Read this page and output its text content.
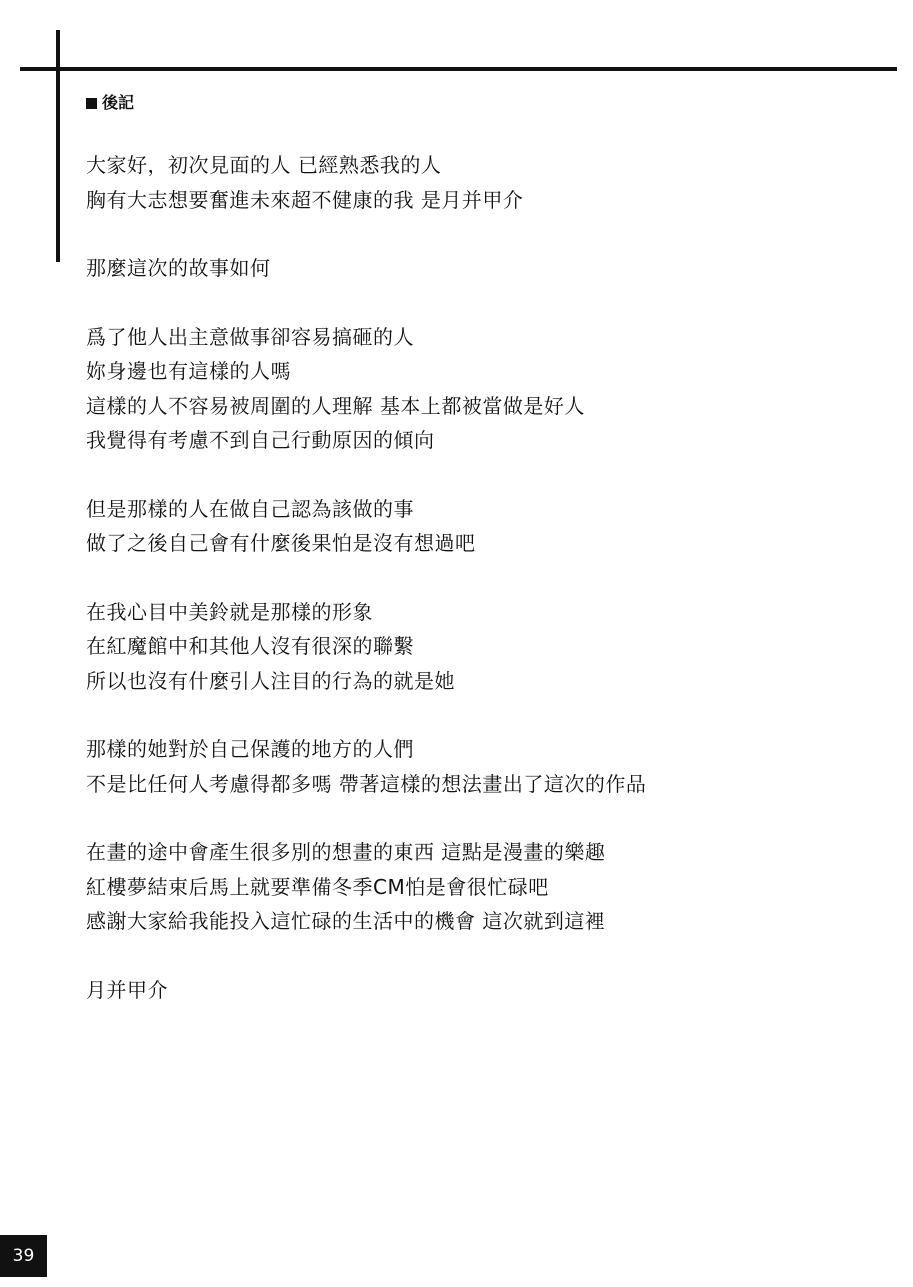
後記
大家好，初次見面的人 已經熟悉我的人
胸有大志想要奮進未來超不健康的我 是月并甲介
那麼這次的故事如何
爲了他人出主意做事卻容易搞砸的人
妳身邊也有這樣的人嗎
這樣的人不容易被周圍的人理解 基本上都被當做是好人
我覺得有考慮不到自己行動原因的傾向
但是那樣的人在做自己認為該做的事
做了之後自己會有什麼後果怕是沒有想過吧
在我心目中美鈴就是那樣的形象
在紅魔館中和其他人沒有很深的聯繫
所以也沒有什麼引人注目的行為的就是她
那樣的她對於自己保護的地方的人們
不是比任何人考慮得都多嗎 帶著這樣的想法畫出了這次的作品
在畫的途中會產生很多別的想畫的東西 這點是漫畫的樂趣
紅樓夢結束后馬上就要準備冬季CM怕是會很忙碌吧
感謝大家給我能投入這忙碌的生活中的機會 這次就到這裡
月并甲介
39
